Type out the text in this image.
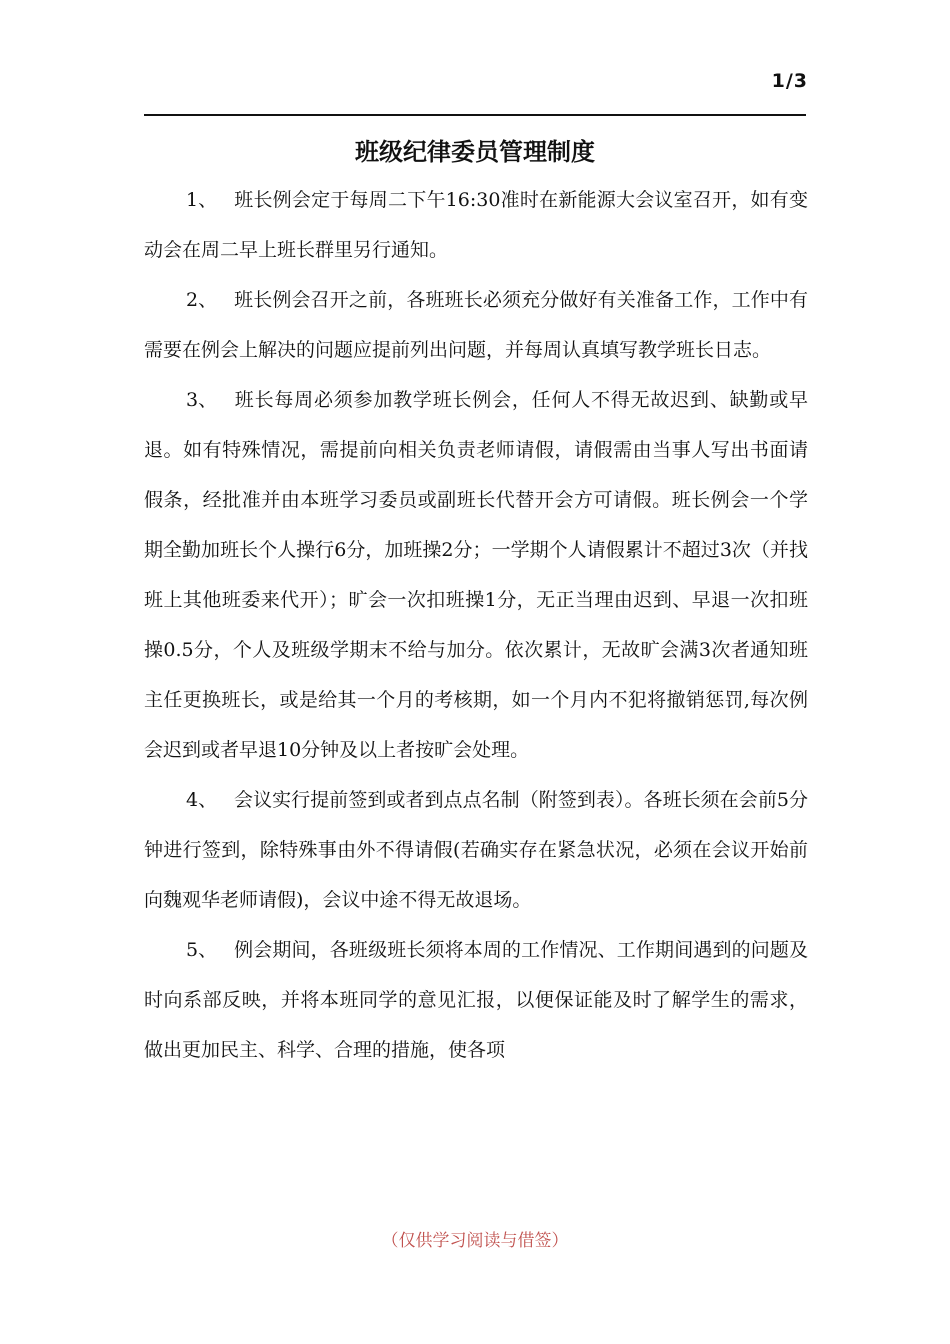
1/3
班级纪律委员管理制度

1、 班长例会定于每周二下午16:30准时在新能源大会议室召开，如有变动会在周二早上班长群里另行通知。

2、 班长例会召开之前，各班班长必须充分做好有关准备工作，工作中有需要在例会上解决的问题应提前列出问题，并每周认真填写教学班长日志。

3、 班长每周必须参加教学班长例会，任何人不得无故迟到、缺勤或早退。如有特殊情况，需提前向相关负责老师请假，请假需由当事人写出书面请假条，经批准并由本班学习委员或副班长代替开会方可请假。班长例会一个学期全勤加班长个人操行6分，加班操2分；一学期个人请假累计不超过3次（并找班上其他班委来代开）；旷会一次扣班操1分，无正当理由迟到、早退一次扣班操0.5分，个人及班级学期末不给与加分。依次累计，无故旷会满3次者通知班主任更换班长，或是给其一个月的考核期，如一个月内不犯将撤销惩罚,每次例会迟到或者早退10分钟及以上者按旷会处理。

4、 会议实行提前签到或者到点点名制（附签到表）。各班长须在会前5分钟进行签到，除特殊事由外不得请假(若确实存在紧急状况，必须在会议开始前向魏观华老师请假)，会议中途不得无故退场。

5、 例会期间，各班级班长须将本周的工作情况、工作期间遇到的问题及时向系部反映，并将本班同学的意见汇报，以便保证能及时了解学生的需求，做出更加民主、科学、合理的措施，使各项

（仅供学习阅读与借签）
